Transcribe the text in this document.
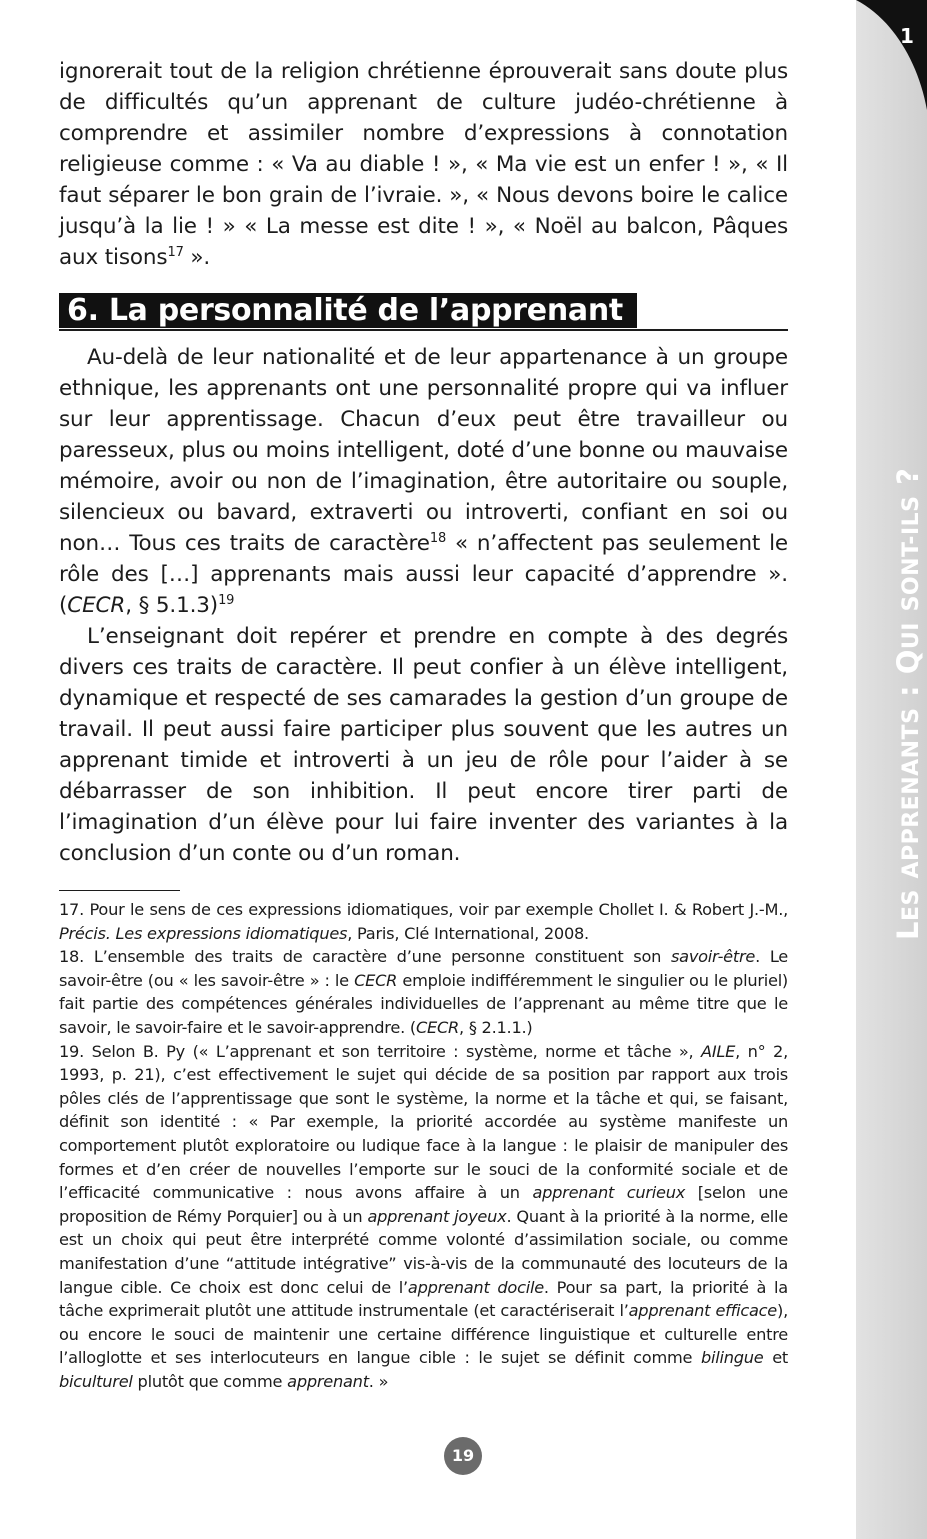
1
LES APPRENANTS : QUI SONT-ILS ?

ignorerait tout de la religion chrétienne éprouverait sans doute plus de difficultés qu’un apprenant de culture judéo-chrétienne à comprendre et assimiler nombre d’expressions à connotation religieuse comme : « Va au diable ! », « Ma vie est un enfer ! », « Il faut séparer le bon grain de l’ivraie. », « Nous devons boire le calice jusqu’à la lie ! » « La messe est dite ! », « Noël au balcon, Pâques aux tisons$^{17}$ ».

6. La personnalité de l’apprenant

Au-delà de leur nationalité et de leur appartenance à un groupe ethnique, les apprenants ont une personnalité propre qui va influer sur leur apprentissage. Chacun d’eux peut être travailleur ou paresseux, plus ou moins intelligent, doté d’une bonne ou mauvaise mémoire, avoir ou non de l’imagination, être autoritaire ou souple, silencieux ou bavard, extraverti ou introverti, confiant en soi ou non… Tous ces traits de caractère$^{18}$ « n’affectent pas seulement le rôle des […] apprenants mais aussi leur capacité d’apprendre ». (CECR, § 5.1.3)$^{19}$

L’enseignant doit repérer et prendre en compte à des degrés divers ces traits de caractère. Il peut confier à un élève intelligent, dynamique et respecté de ses camarades la gestion d’un groupe de travail. Il peut aussi faire participer plus souvent que les autres un apprenant timide et introverti à un jeu de rôle pour l’aider à se débarrasser de son inhibition. Il peut encore tirer parti de l’imagination d’un élève pour lui faire inventer des variantes à la conclusion d’un conte ou d’un roman.

17. Pour le sens de ces expressions idiomatiques, voir par exemple Chollet I. & Robert J.-M., Précis. Les expressions idiomatiques, Paris, Clé International, 2008.

18. L’ensemble des traits de caractère d’une personne constituent son savoir-être. Le savoir-être (ou « les savoir-être » : le CECR emploie indifféremment le singulier ou le pluriel) fait partie des compétences générales individuelles de l’apprenant au même titre que le savoir, le savoir-faire et le savoir-apprendre. (CECR, § 2.1.1.)

19. Selon B. Py (« L’apprenant et son territoire : système, norme et tâche », AILE, n° 2, 1993, p. 21), c’est effectivement le sujet qui décide de sa position par rapport aux trois pôles clés de l’apprentissage que sont le système, la norme et la tâche et qui, se faisant, définit son identité : « Par exemple, la priorité accordée au système manifeste un comportement plutôt exploratoire ou ludique face à la langue : le plaisir de manipuler des formes et d’en créer de nouvelles l’emporte sur le souci de la conformité sociale et de l’efficacité communicative : nous avons affaire à un apprenant curieux [selon une proposition de Rémy Porquier] ou à un apprenant joyeux. Quant à la priorité à la norme, elle est un choix qui peut être interprété comme volonté d’assimilation sociale, ou comme manifestation d’une “attitude intégrative” vis-à-vis de la communauté des locuteurs de la langue cible. Ce choix est donc celui de l’apprenant docile. Pour sa part, la priorité à la tâche exprimerait plutôt une attitude instrumentale (et caractériserait l’apprenant efficace), ou encore le souci de maintenir une certaine différence linguistique et culturelle entre l’alloglotte et ses interlocuteurs en langue cible : le sujet se définit comme bilingue et biculturel plutôt que comme apprenant. »

19
